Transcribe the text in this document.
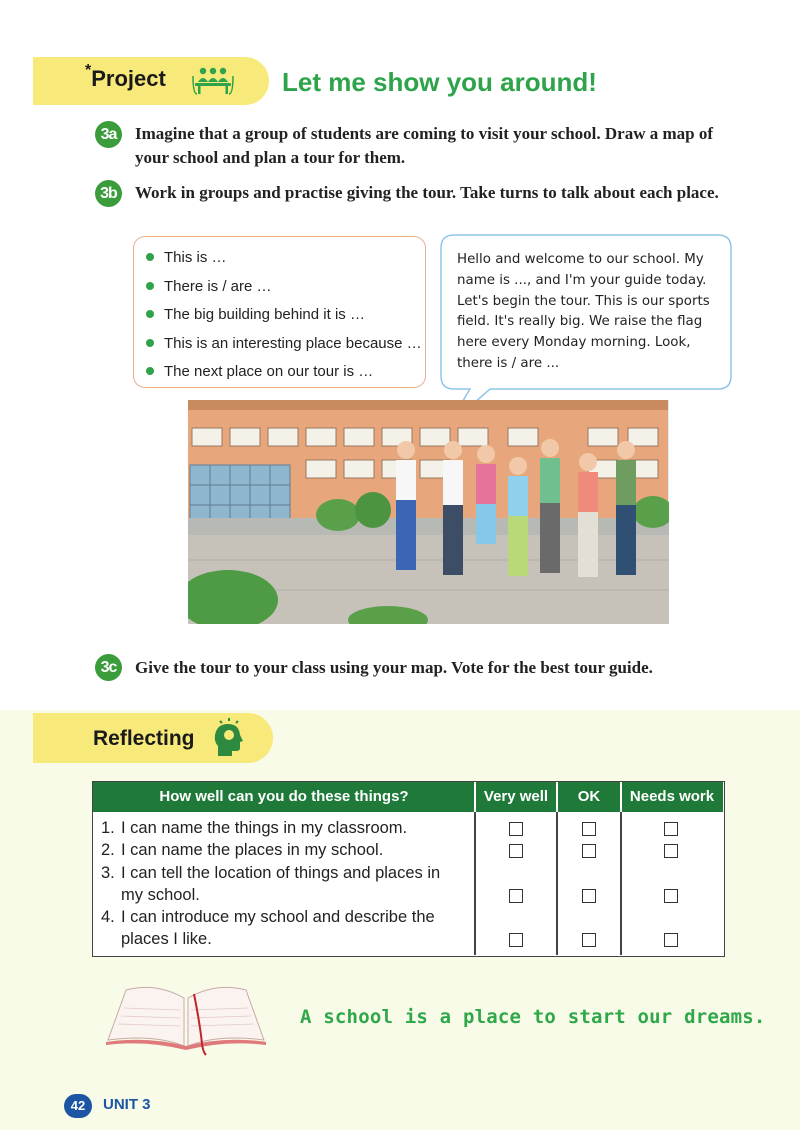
*Project	Let me show you around!
3a	Imagine that a group of students are coming to visit your school. Draw a map of your school and plan a tour for them.
3b	Work in groups and practise giving the tour. Take turns to talk about each place.
This is …
There is / are …
The big building behind it is …
This is an interesting place because …
The next place on our tour is …
Hello and welcome to our school. My name is ..., and I'm your guide today. Let's begin the tour. This is our sports field. It's really big. We raise the flag here every Monday morning. Look, there is / are ...
3c	Give the tour to your class using your map. Vote for the best tour guide.
Reflecting
How well can you do these things?	Very well	OK	Needs work
1. I can name the things in my classroom.
2. I can name the places in my school.
3. I can tell the location of things and places in
my school.
4. I can introduce my school and describe the
places I like.
A school is a place to start our dreams.
42	UNIT 3
